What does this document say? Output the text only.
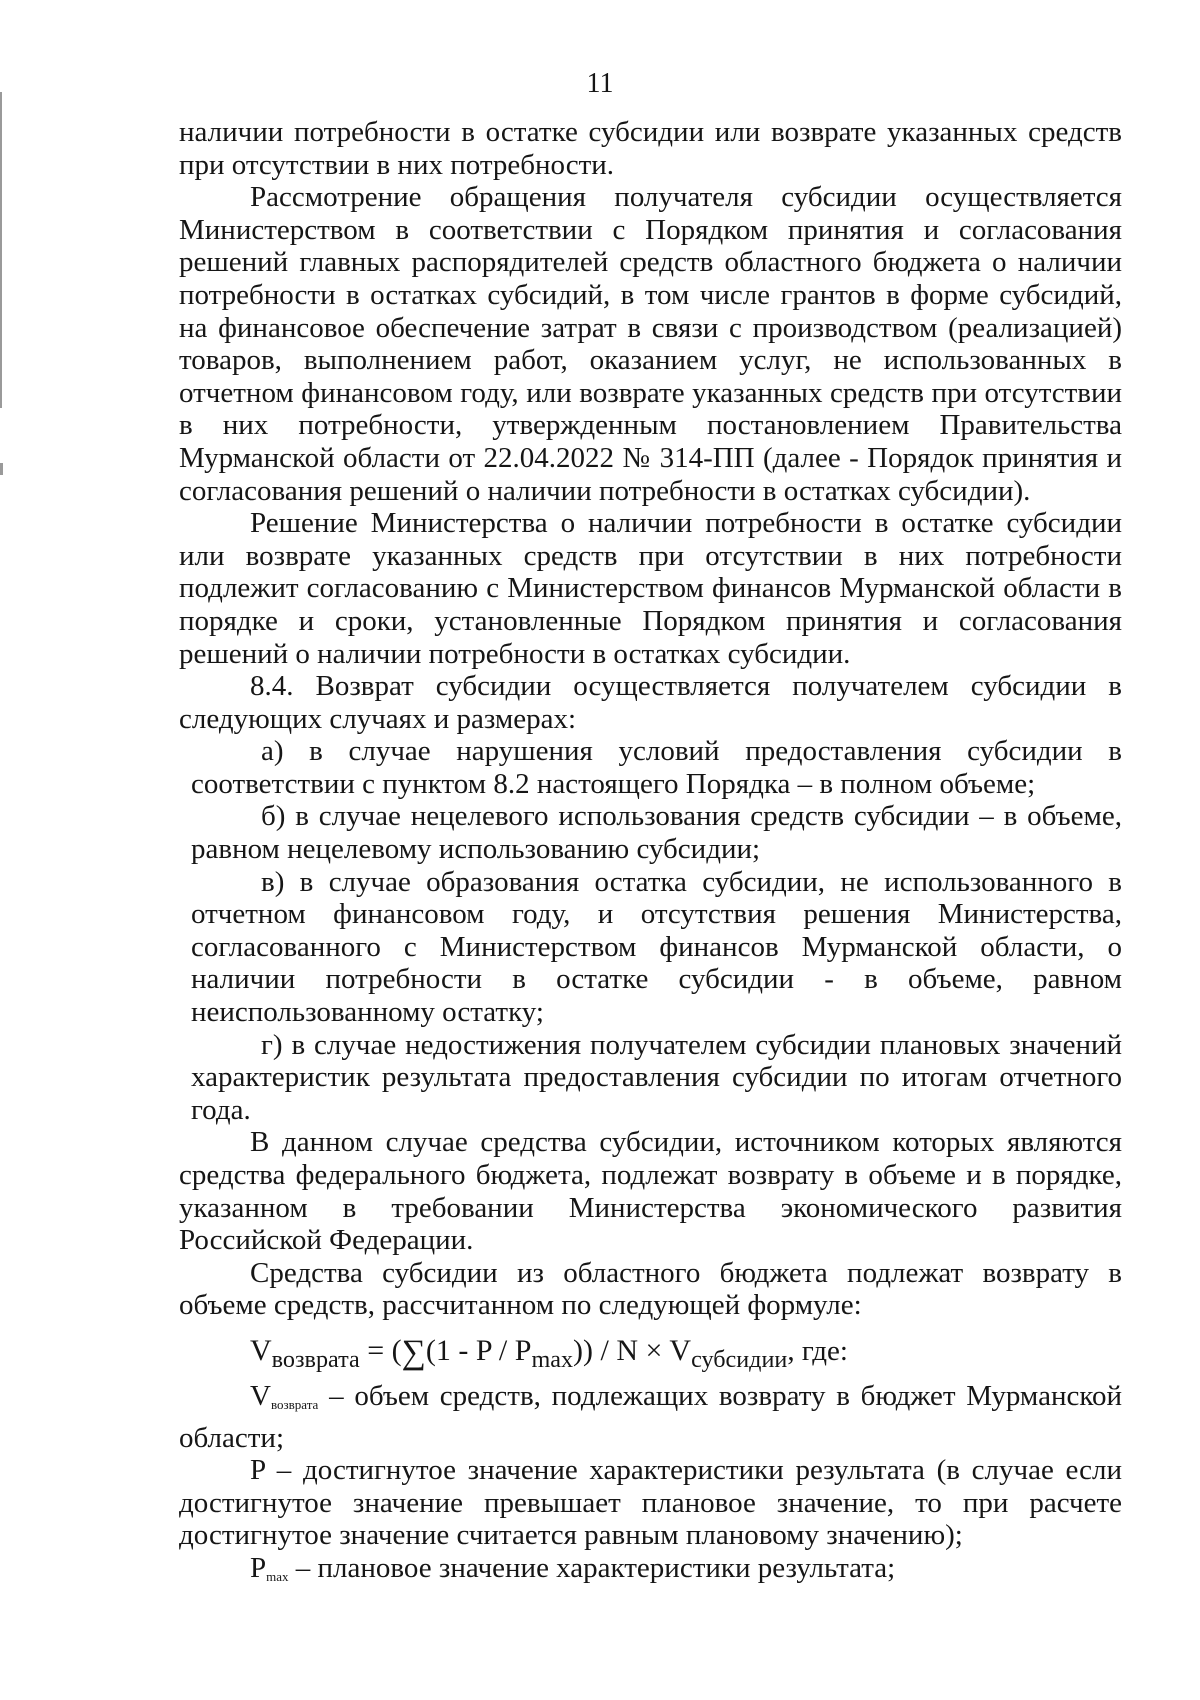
11

наличии потребности в остатке субсидии или возврате указанных средств при отсутствии в них потребности.

Рассмотрение обращения получателя субсидии осуществляется Министерством в соответствии с Порядком принятия и согласования решений главных распорядителей средств областного бюджета о наличии потребности в остатках субсидий, в том числе грантов в форме субсидий, на финансовое обеспечение затрат в связи с производством (реализацией) товаров, выполнением работ, оказанием услуг, не использованных в отчетном финансовом году, или возврате указанных средств при отсутствии в них потребности, утвержденным постановлением Правительства Мурманской области от 22.04.2022 № 314-ПП (далее - Порядок принятия и согласования решений о наличии потребности в остатках субсидии).

Решение Министерства о наличии потребности в остатке субсидии или возврате указанных средств при отсутствии в них потребности подлежит согласованию с Министерством финансов Мурманской области в порядке и сроки, установленные Порядком принятия и согласования решений о наличии потребности в остатках субсидии.

8.4. Возврат субсидии осуществляется получателем субсидии в следующих случаях и размерах:

а) в случае нарушения условий предоставления субсидии в соответствии с пунктом 8.2 настоящего Порядка – в полном объеме;

б) в случае нецелевого использования средств субсидии – в объеме, равном нецелевому использованию субсидии;

в) в случае образования остатка субсидии, не использованного в отчетном финансовом году, и отсутствия решения Министерства, согласованного с Министерством финансов Мурманской области, о наличии потребности в остатке субсидии - в объеме, равном неиспользованному остатку;

г) в случае недостижения получателем субсидии плановых значений характеристик результата предоставления субсидии по итогам отчетного года.

В данном случае средства субсидии, источником которых являются средства федерального бюджета, подлежат возврату в объеме и в порядке, указанном в требовании Министерства экономического развития Российской Федерации.

Средства субсидии из областного бюджета подлежат возврату в объеме средств, рассчитанном по следующей формуле:

$V_{возврата} = (\sum(1 - P / P_{max})) / N \times V_{субсидии}$, где:

$V_{возврата}$ – объем средств, подлежащих возврату в бюджет Мурманской области;

P – достигнутое значение характеристики результата (в случае если достигнутое значение превышает плановое значение, то при расчете достигнутое значение считается равным плановому значению);

$P_{max}$ – плановое значение характеристики результата;
